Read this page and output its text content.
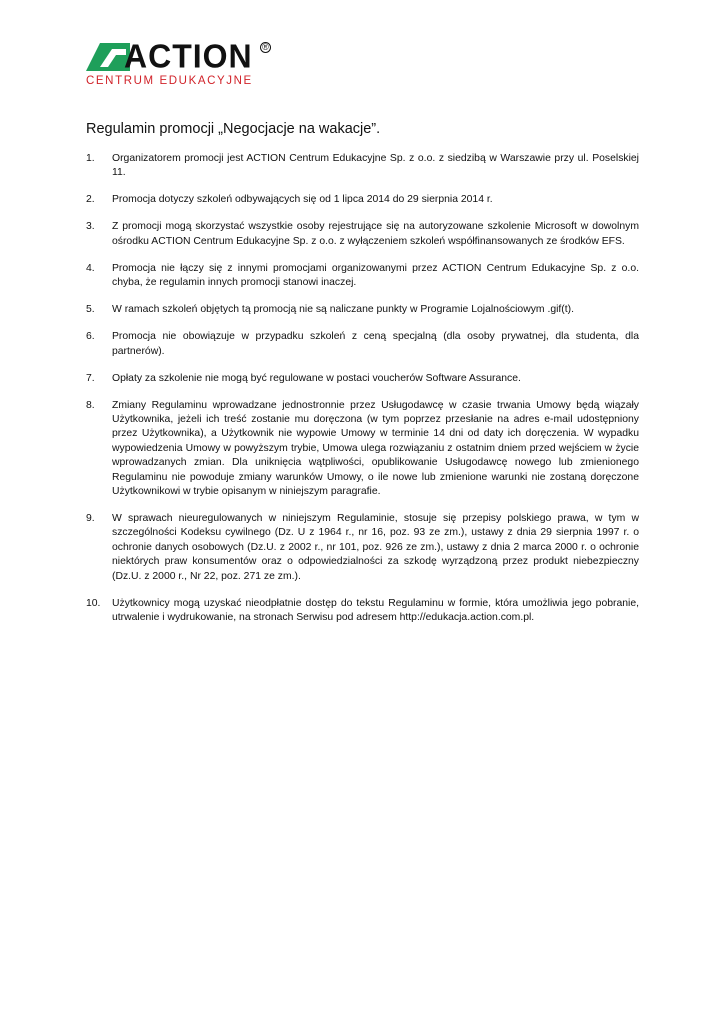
ACTION ®
CENTRUM EDUKACYJNE
Regulamin promocji „Negocjacje na wakacje”.
1. Organizatorem promocji jest ACTION Centrum Edukacyjne Sp. z o.o. z siedzibą w Warszawie przy ul. Poselskiej 11.
2. Promocja dotyczy szkoleń odbywających się od 1 lipca 2014 do 29 sierpnia 2014 r.
3. Z promocji mogą skorzystać wszystkie osoby rejestrujące się na autoryzowane szkolenie Microsoft w dowolnym ośrodku ACTION Centrum Edukacyjne Sp. z o.o. z wyłączeniem szkoleń współfinansowanych ze środków EFS.
4. Promocja nie łączy się z innymi promocjami organizowanymi przez ACTION Centrum Edukacyjne Sp. z o.o. chyba, że regulamin innych promocji stanowi inaczej.
5. W ramach szkoleń objętych tą promocją nie są naliczane punkty w Programie Lojalnościowym .gif(t).
6. Promocja nie obowiązuje w przypadku szkoleń z ceną specjalną (dla osoby prywatnej, dla studenta, dla partnerów).
7. Opłaty za szkolenie nie mogą być regulowane w postaci voucherów Software Assurance.
8. Zmiany Regulaminu wprowadzane jednostronnie przez Usługodawcę w czasie trwania Umowy będą wiązały Użytkownika, jeżeli ich treść zostanie mu doręczona (w tym poprzez przesłanie na adres e-mail udostępniony przez Użytkownika), a Użytkownik nie wypowie Umowy w terminie 14 dni od daty ich doręczenia. W wypadku wypowiedzenia Umowy w powyższym trybie, Umowa ulega rozwiązaniu z ostatnim dniem przed wejściem w życie wprowadzanych zmian. Dla uniknięcia wątpliwości, opublikowanie Usługodawcę nowego lub zmienionego Regulaminu nie powoduje zmiany warunków Umowy, o ile nowe lub zmienione warunki nie zostaną doręczone Użytkownikowi w trybie opisanym w niniejszym paragrafie.
9. W sprawach nieuregulowanych w niniejszym Regulaminie, stosuje się przepisy polskiego prawa, w tym w szczególności Kodeksu cywilnego (Dz. U z 1964 r., nr 16, poz. 93 ze zm.), ustawy z dnia 29 sierpnia 1997 r. o ochronie danych osobowych (Dz.U. z 2002 r., nr 101, poz. 926 ze zm.), ustawy z dnia 2 marca 2000 r. o ochronie niektórych praw konsumentów oraz o odpowiedzialności za szkodę wyrządzoną przez produkt niebezpieczny (Dz.U. z 2000 r., Nr 22, poz. 271 ze zm.).
10. Użytkownicy mogą uzyskać nieodpłatnie dostęp do tekstu Regulaminu w formie, która umożliwia jego pobranie, utrwalenie i wydrukowanie, na stronach Serwisu pod adresem http://edukacja.action.com.pl.
